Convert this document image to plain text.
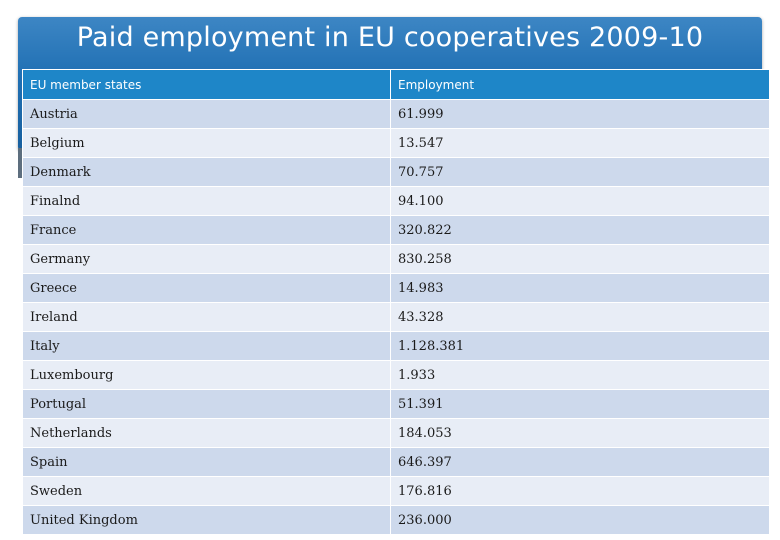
Paid employment in EU cooperatives 2009-10
EU member states	Employment
Austria	61.999
Belgium	13.547
Denmark	70.757
Finalnd	94.100
France	320.822
Germany	830.258
Greece	14.983
Ireland	43.328
Italy	1.128.381
Luxembourg	1.933
Portugal	51.391
Netherlands	184.053
Spain	646.397
Sweden	176.816
United Kingdom	236.000
